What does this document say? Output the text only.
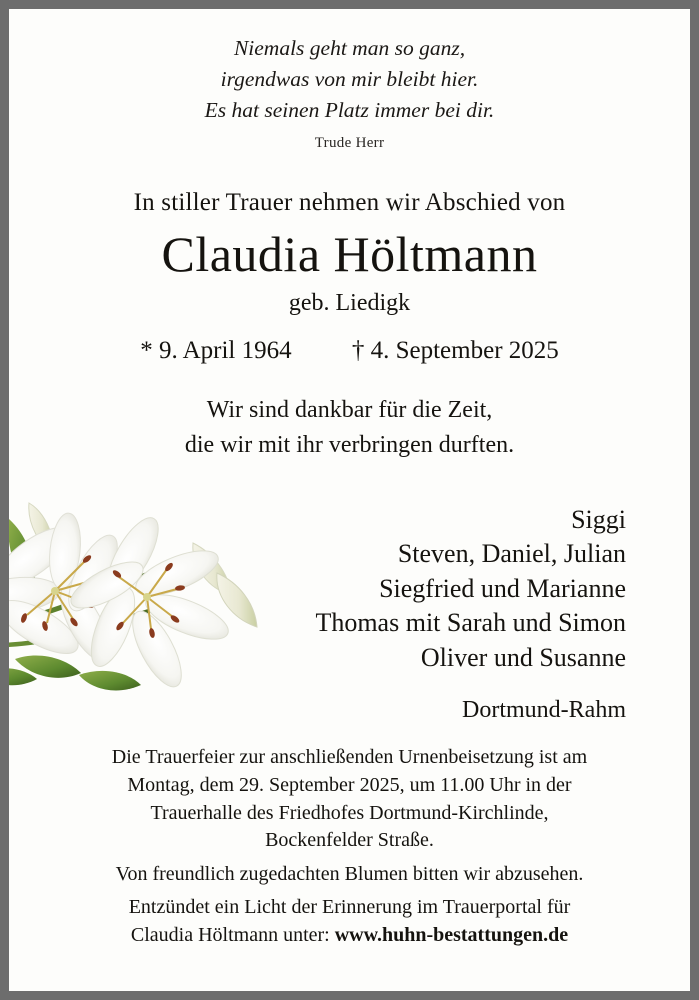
Niemals geht man so ganz,
irgendwas von mir bleibt hier.
Es hat seinen Platz immer bei dir.
Trude Herr
In stiller Trauer nehmen wir Abschied von
Claudia Höltmann
geb. Liedigk
* 9. April 1964 † 4. September 2025
Wir sind dankbar für die Zeit,
die wir mit ihr verbringen durften.
Siggi
Steven, Daniel, Julian
Siegfried und Marianne
Thomas mit Sarah und Simon
Oliver und Susanne
Dortmund-Rahm

Die Trauerfeier zur anschließenden Urnenbeisetzung ist am

Montag, dem 29. September 2025, um 11.00 Uhr in der

Trauerhalle des Friedhofes Dortmund-Kirchlinde,

Bockenfelder Straße.

Von freundlich zugedachten Blumen bitten wir abzusehen.

Entzündet ein Licht der Erinnerung im Trauerportal für

Claudia Höltmann unter: www.huhn-bestattungen.de
